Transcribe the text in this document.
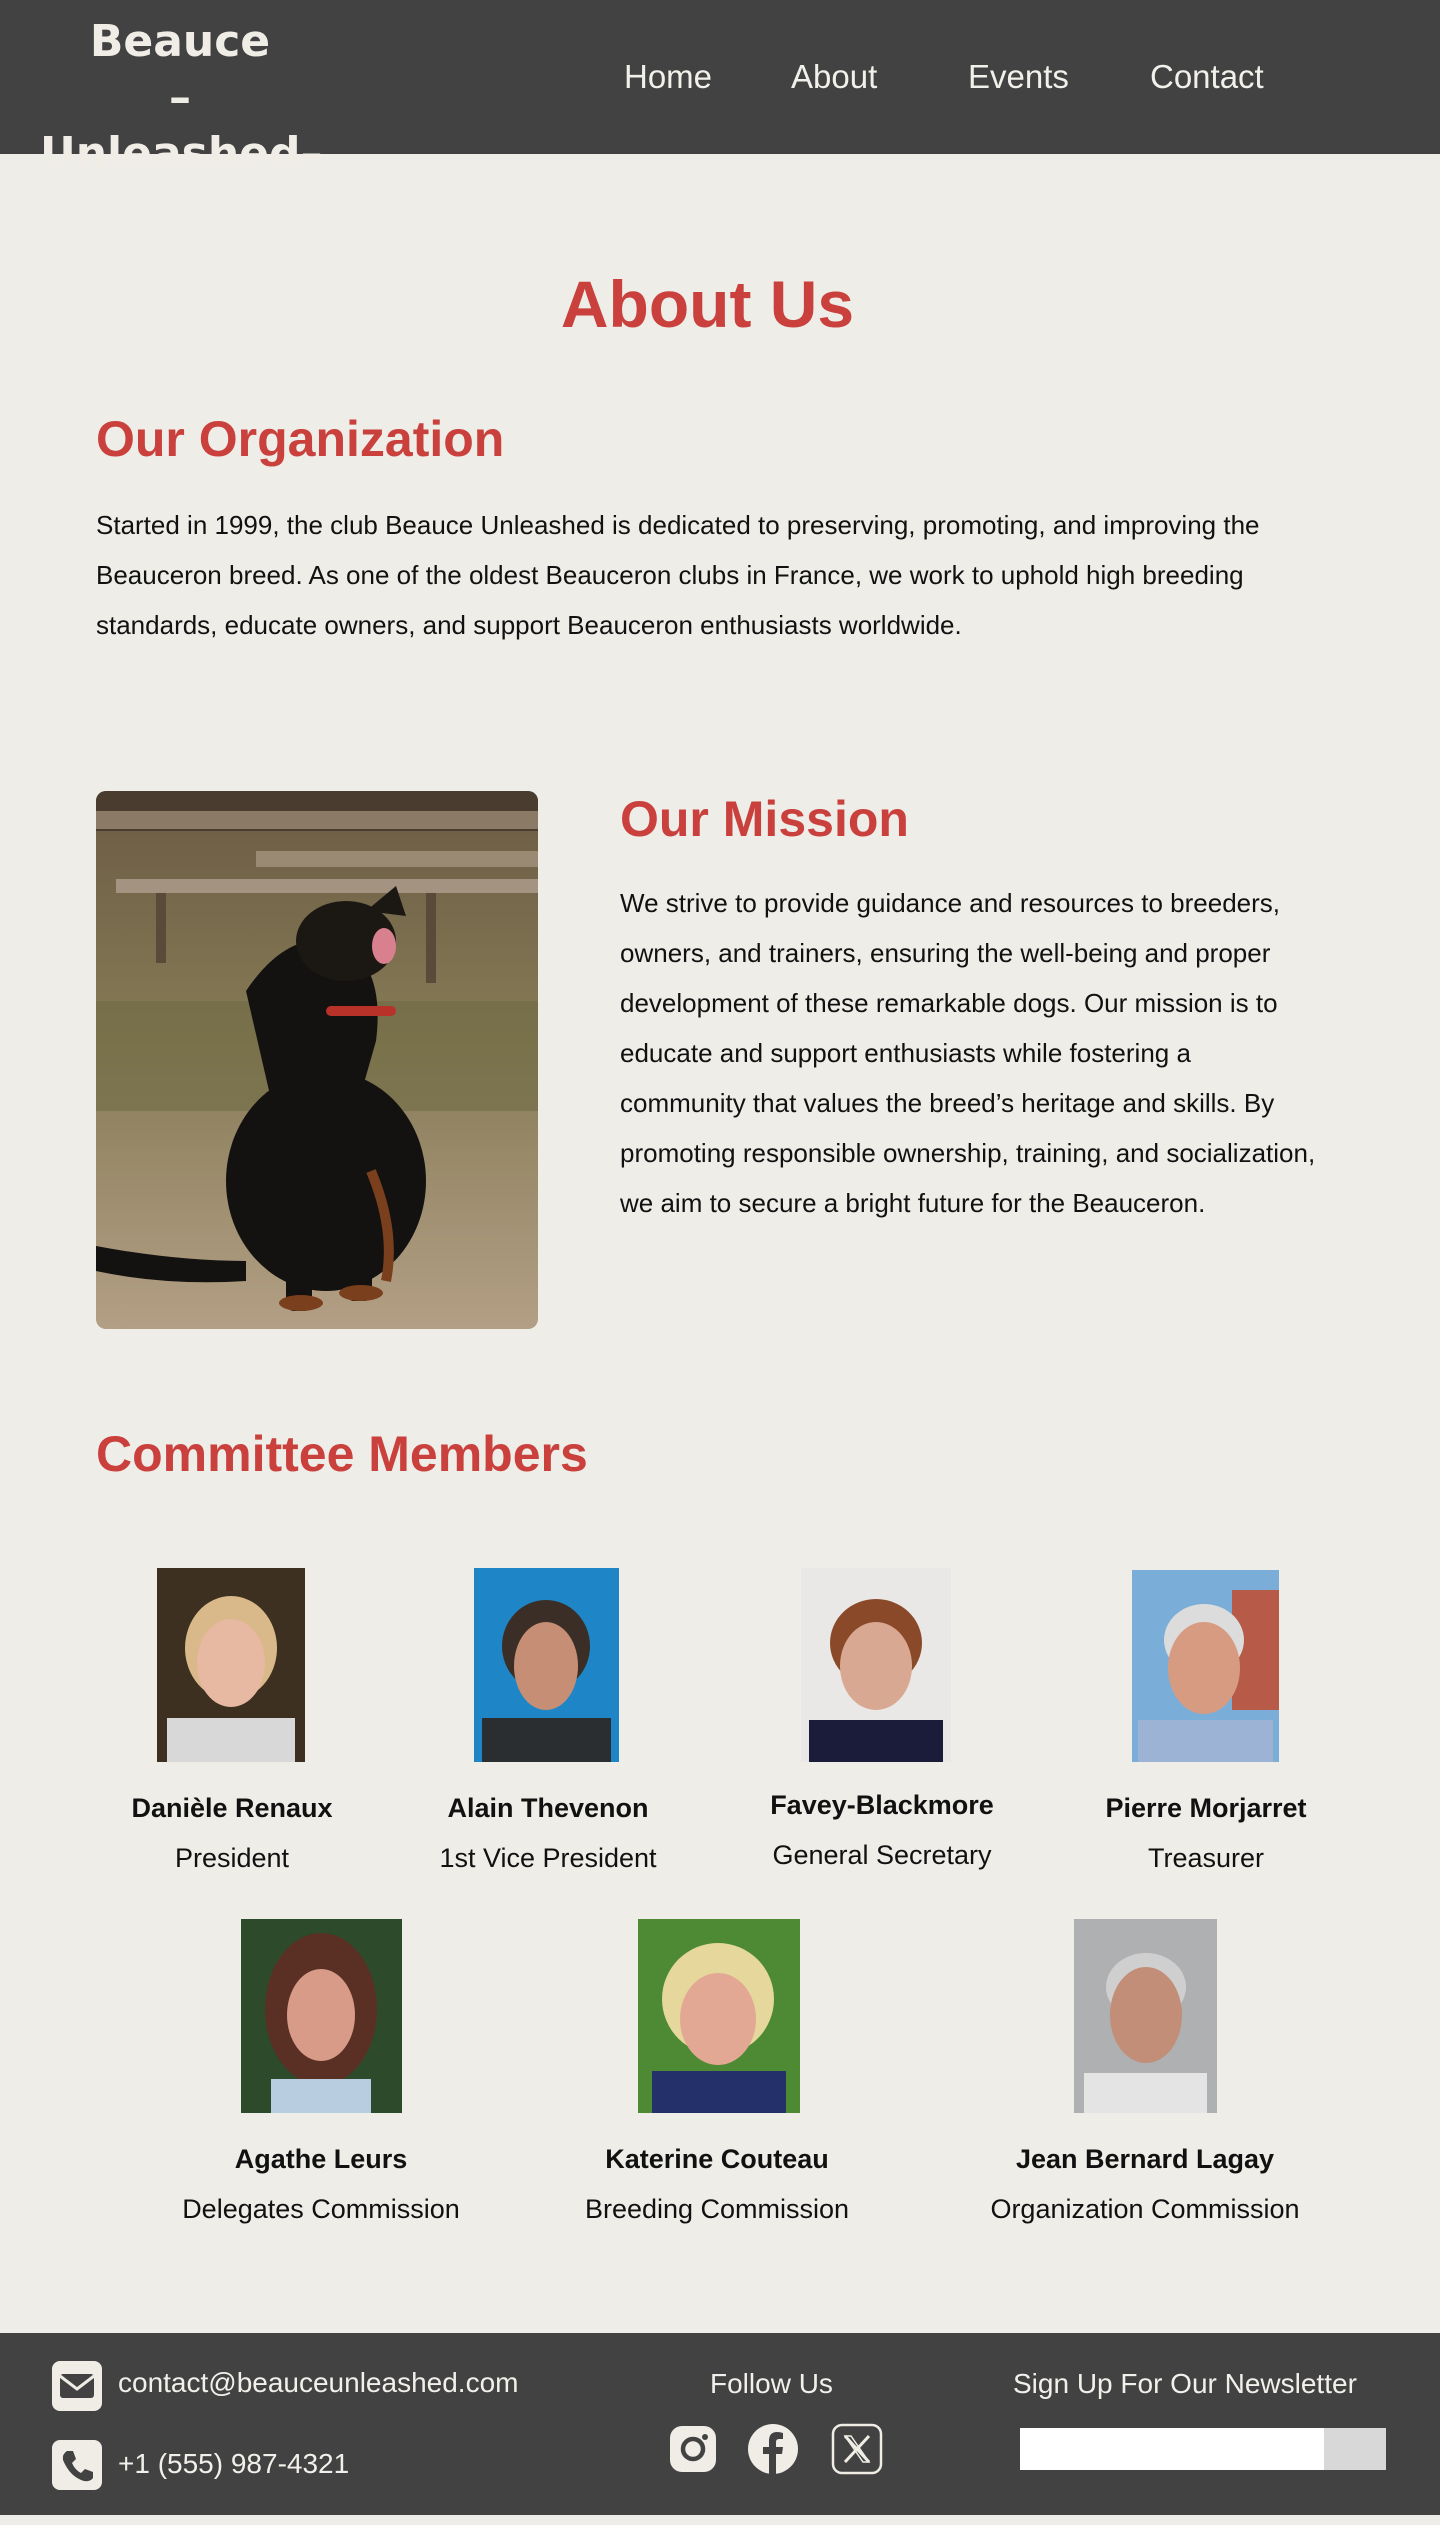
Beauce
–Unleashed–
Home About	Events Contact
About Us
Our Organization

Started in 1999, the club Beauce Unleashed is dedicated to preserving, promoting, and improving the Beauceron breed. As one of the oldest Beauceron clubs in France, we work to uphold high breeding standards, educate owners, and support Beauceron enthusiasts worldwide.

Our Mission

We strive to provide guidance and resources to breeders, owners, and trainers, ensuring the well-being and proper development of these remarkable dogs. Our mission is to educate and support enthusiasts while fostering a community that values the breed’s heritage and skills. By promoting responsible ownership, training, and socialization, we aim to secure a bright future for the Beauceron.

Committee Members
Danièle Renaux
President
Alain Thevenon
1st Vice President
Favey-Blackmore
General Secretary
Pierre Morjarret
Treasurer
Agathe Leurs
Delegates Commission
Katerine Couteau
Breeding Commission
Jean Bernard Lagay
Organization Commission
contact@beauceunleashed.com
+1 (555) 987-4321
Follow Us	Sign Up For Our Newsletter
